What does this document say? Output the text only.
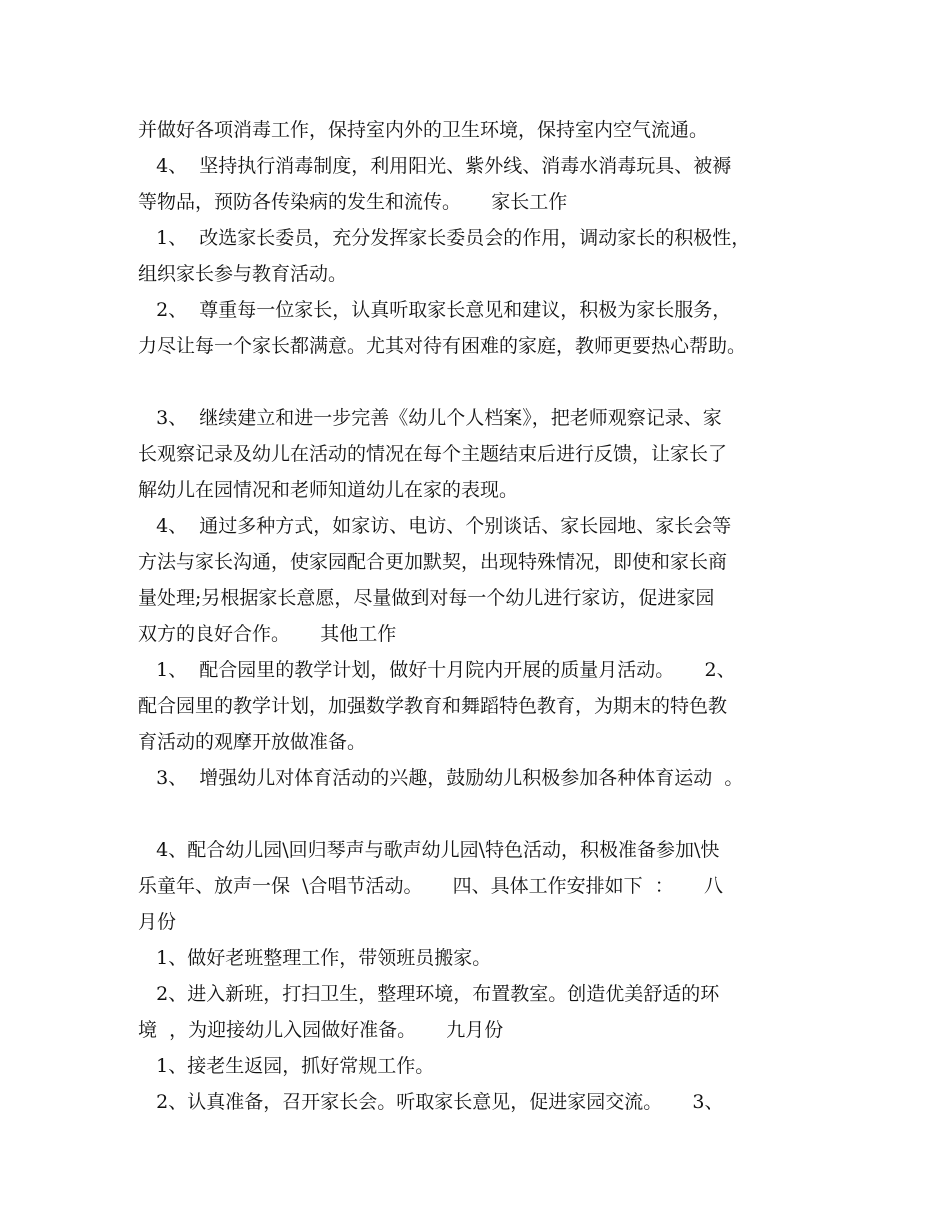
并做好各项消毒工作，保持室内外的卫生环境，保持室内空气流通。
4、  坚持执行消毒制度，利用阳光、紫外线、消毒水消毒玩具、被褥
等物品，预防各传染病的发生和流传。     家长工作
1、  改选家长委员，充分发挥家长委员会的作用，调动家长的积极性，
组织家长参与教育活动。
2、  尊重每一位家长，认真听取家长意见和建议，积极为家长服务，
力尽让每一个家长都满意。尤其对待有困难的家庭，教师更要热心帮助。
3、  继续建立和进一步完善《幼儿个人档案》，把老师观察记录、家
长观察记录及幼儿在活动的情况在每个主题结束后进行反馈，让家长了
解幼儿在园情况和老师知道幼儿在家的表现。
4、  通过多种方式，如家访、电访、个别谈话、家长园地、家长会等
方法与家长沟通，使家园配合更加默契，出现特殊情况，即使和家长商
量处理;另根据家长意愿，尽量做到对每一个幼儿进行家访，促进家园
双方的良好合作。     其他工作
1、  配合园里的教学计划，做好十月院内开展的质量月活动。     2、
配合园里的教学计划，加强数学教育和舞蹈特色教育，为期末的特色教
育活动的观摩开放做准备。
3、  增强幼儿对体育活动的兴趣，鼓励幼儿积极参加各种体育运动  。
4、配合幼儿园\回归琴声与歌声幼儿园\特色活动，积极准备参加\快
乐童年、放声一保  \合唱节活动。     四、具体工作安排如下  ：     八
月份
1、做好老班整理工作，带领班员搬家。
2、进入新班，打扫卫生，整理环境，布置教室。创造优美舒适的环
境  ，为迎接幼儿入园做好准备。     九月份
1、接老生返园，抓好常规工作。
2、认真准备，召开家长会。听取家长意见，促进家园交流。     3、
